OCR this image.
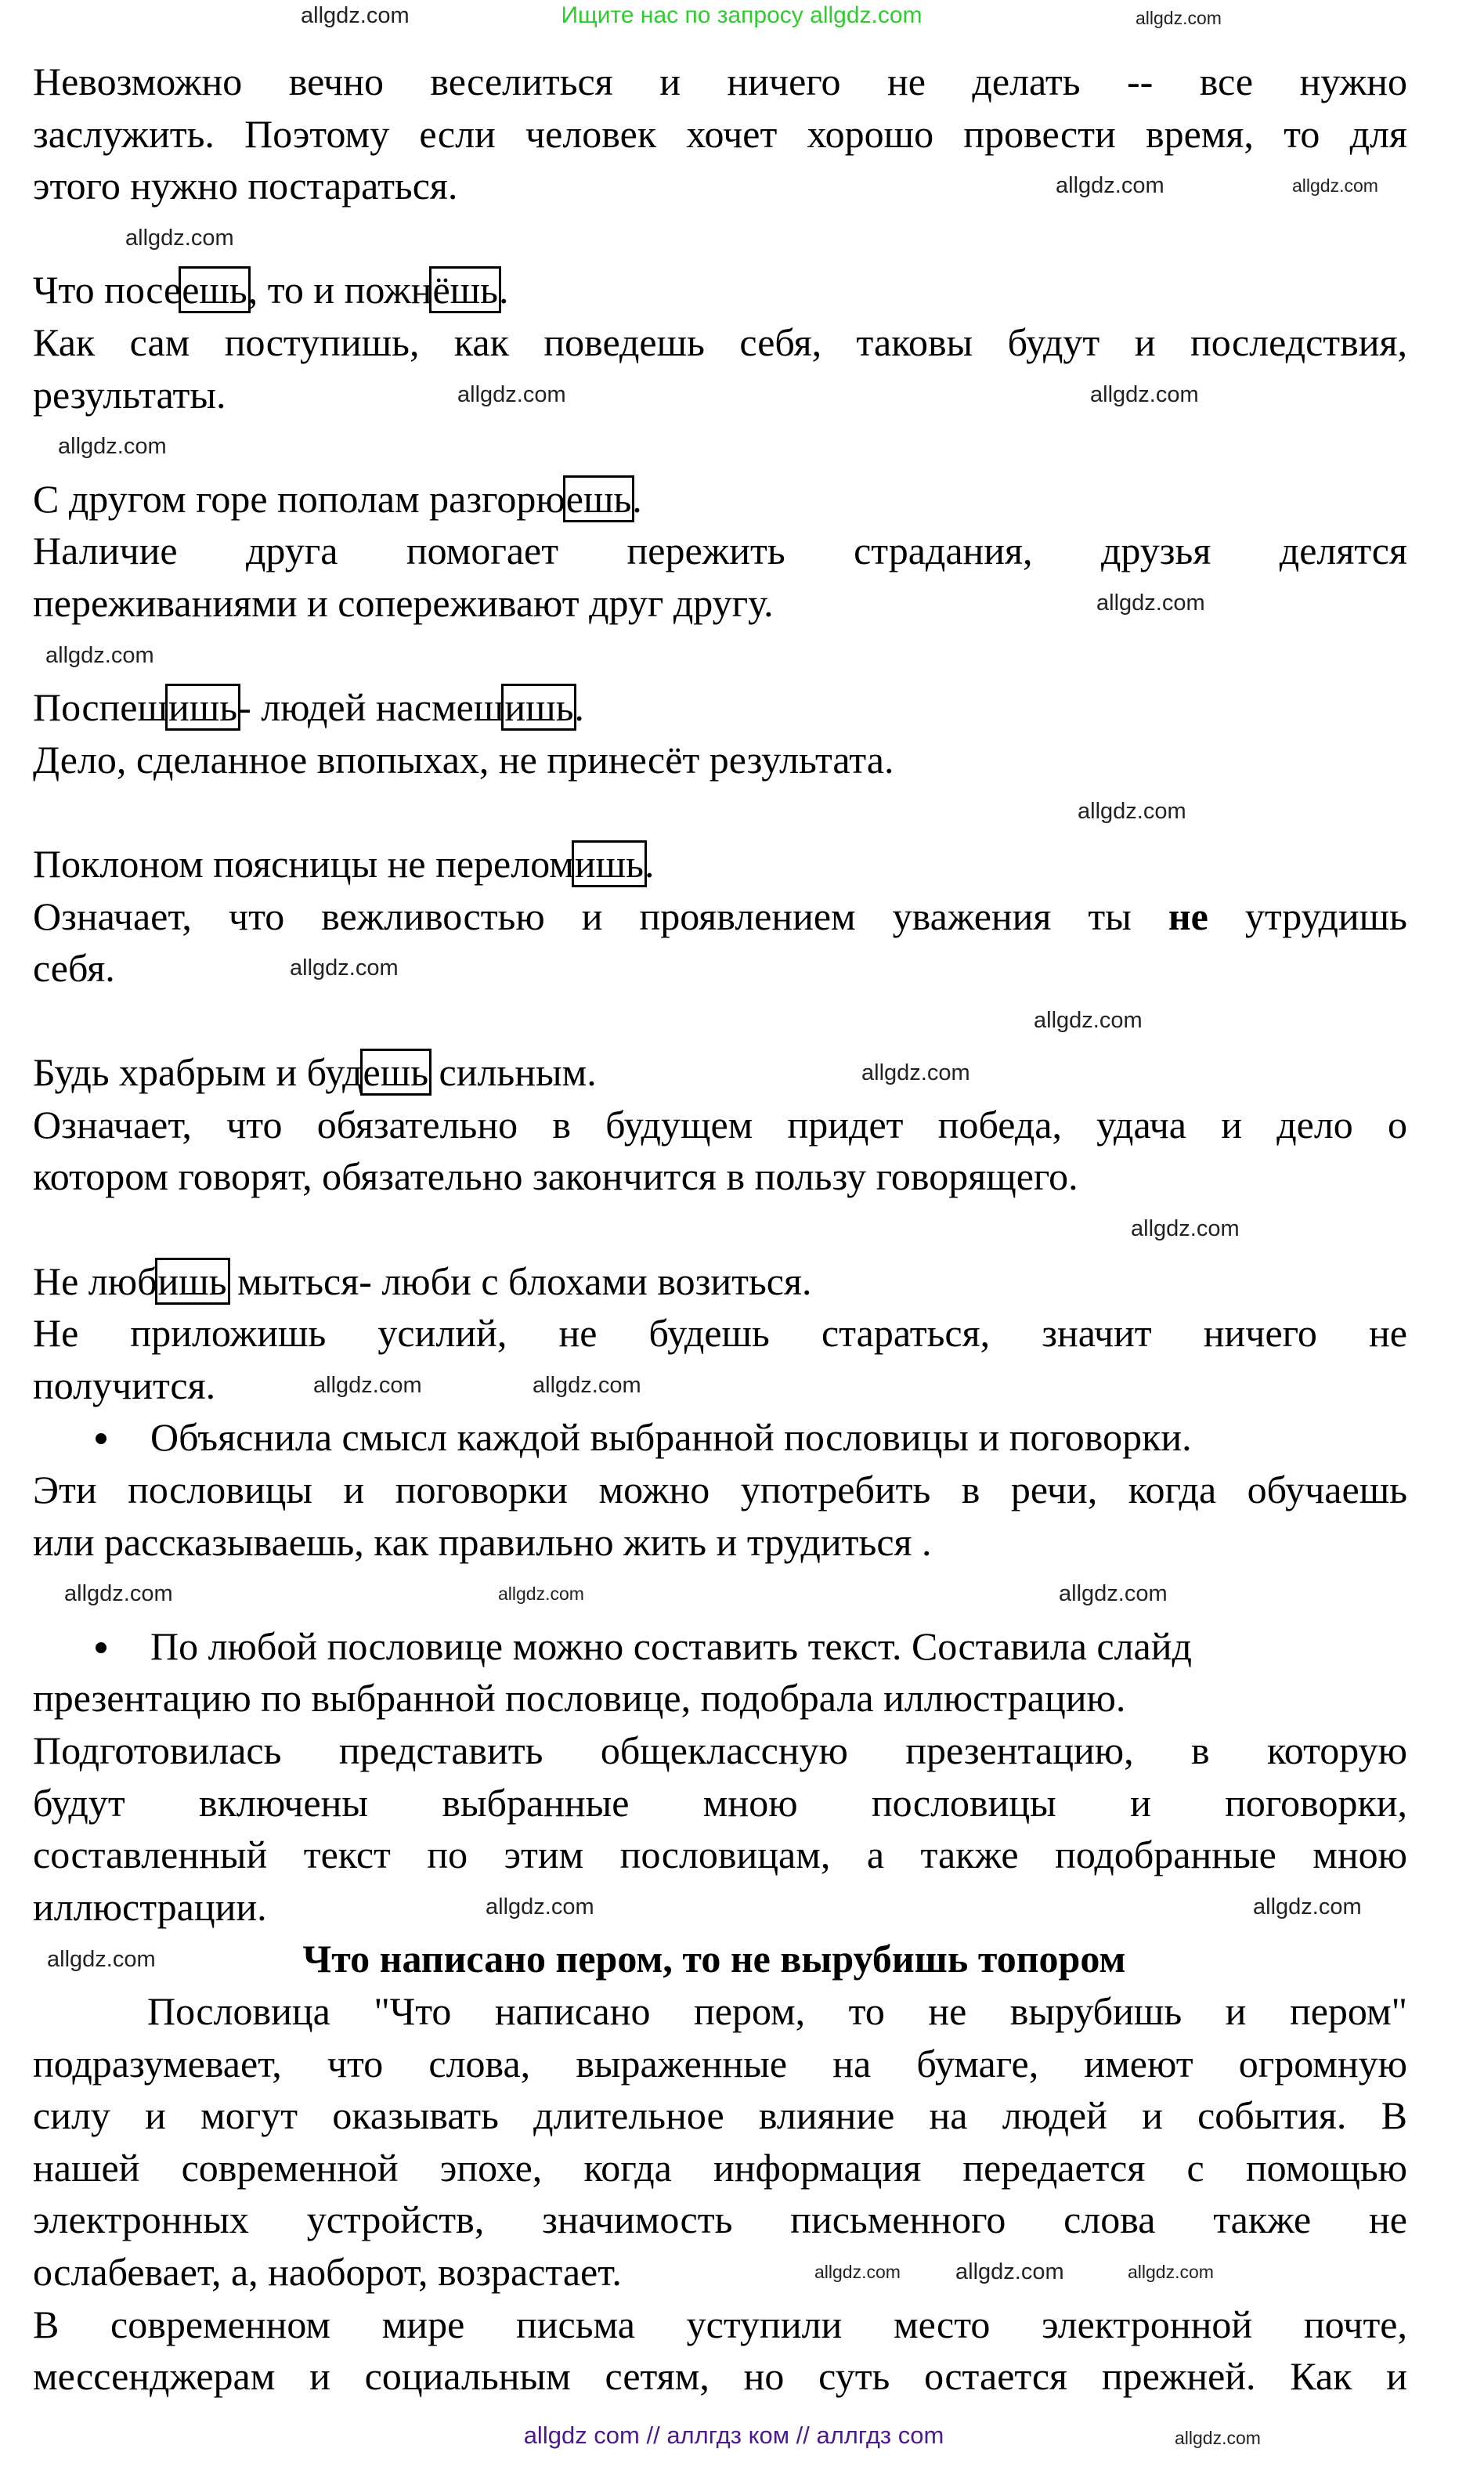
Ищите нас по запросу allgdz.com
Невозможно вечно веселиться и ничего не делать -- все нужно
заслужить. Поэтому если человек хочет хорошо провести время, то для
этого нужно постараться.
Что посеешь, то и пожнёшь.
Как сам поступишь, как поведешь себя, таковы будут и последствия,
результаты.
С другом горе пополам разгорюешь.
Наличие друга помогает пережить страдания, друзья делятся
переживаниями и сопереживают друг другу.
Поспешишь- людей насмешишь.
Дело, сделанное впопыхах, не принесёт результата.
Поклоном поясницы не переломишь.
Означает, что вежливостью и проявлением уважения ты не утрудишь
себя.
Будь храбрым и будешь сильным.
Означает, что обязательно в будущем придет победа, удача и дело о
котором говорят, обязательно закончится в пользу говорящего.
Не любишь мыться- люби с блохами возиться.
Не приложишь усилий, не будешь стараться, значит ничего не
получится.
Объяснила смысл каждой выбранной пословицы и поговорки.
Эти пословицы и поговорки можно употребить в речи, когда обучаешь
или рассказываешь, как правильно жить и трудиться .
По любой пословице можно составить текст. Составила слайд
презентацию по выбранной пословице, подобрала иллюстрацию.
Подготовилась представить общеклассную презентацию, в которую
будут включены выбранные мною пословицы и поговорки,
составленный текст по этим пословицам, а также подобранные мною
иллюстрации.
Что написано пером, то не вырубишь топором
Пословица "Что написано пером, то не вырубишь и пером"
подразумевает, что слова, выраженные на бумаге, имеют огромную
силу и могут оказывать длительное влияние на людей и события. В
нашей современной эпохе, когда информация передается с помощью
электронных устройств, значимость письменного слова также не
ослабевает, а, наоборот, возрастает.
В современном мире письма уступили место электронной почте,
мессенджерам и социальным сетям, но суть остается прежней. Как и
allgdz.com
allgdz.com
allgdz.com
allgdz.com
allgdz.com
allgdz.com
allgdz.com
allgdz.com
allgdz.com
allgdz.com
allgdz.com
allgdz.com
allgdz.com
allgdz.com
allgdz.com	allgdz.com
allgdz.com
allgdz.com	allgdz.com
allgdz.com
allgdz.com
allgdz.com
allgdz.com	allgdz.com
allgdz.com
allgdz.com
allgdz.com
allgdz com // аллгдз ком // аллгдз com
